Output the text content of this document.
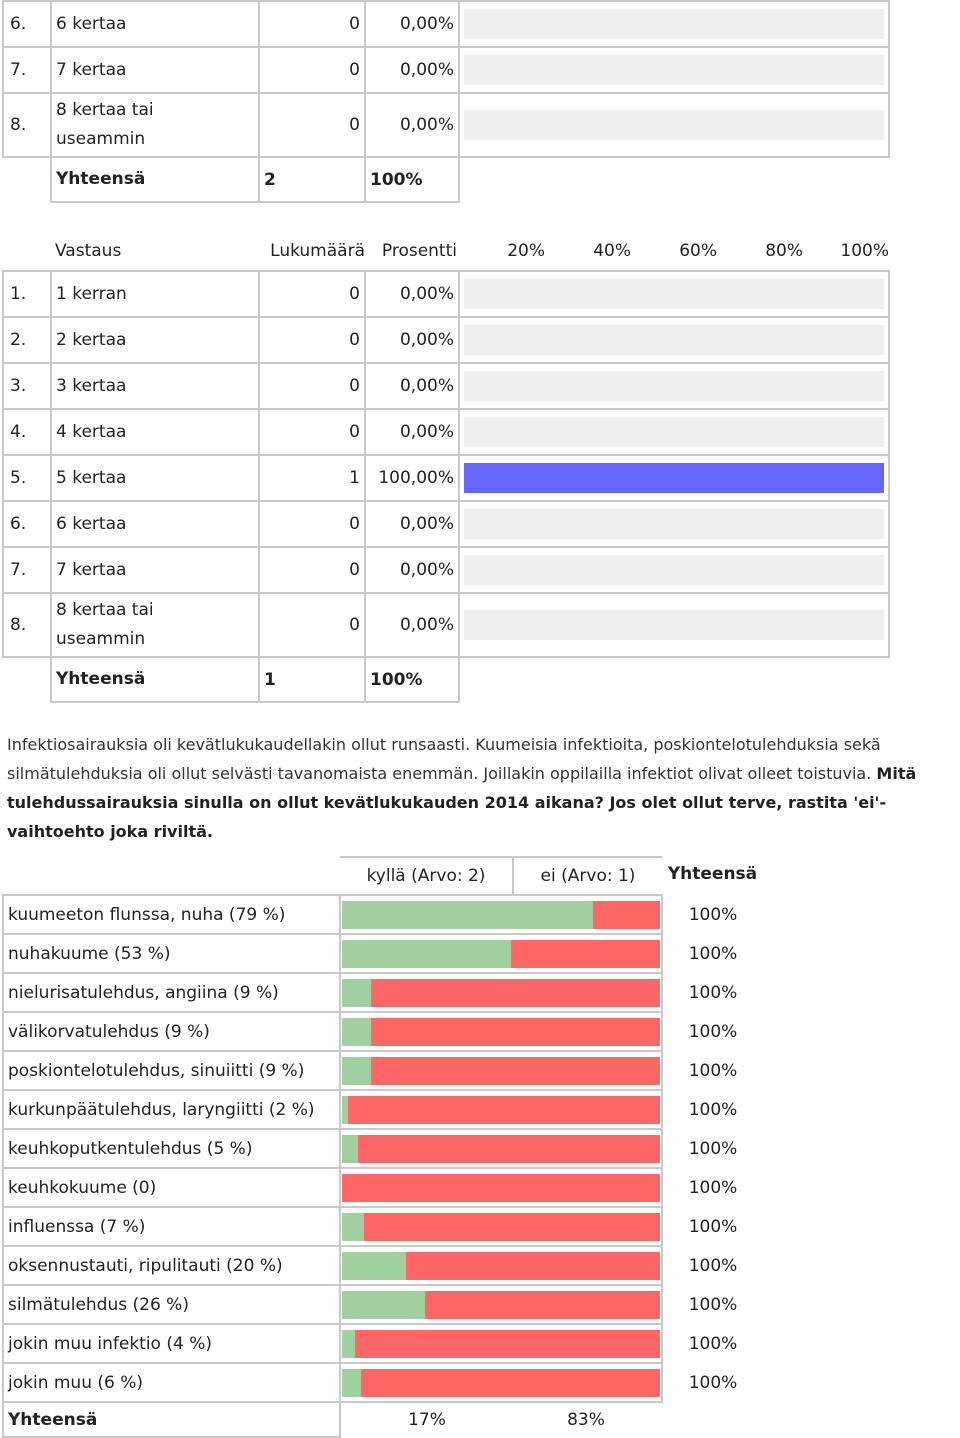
6.	6 kertaa	0	0,00%	

7.	7 kertaa	0	0,00%	

8.	8 kertaa tai useammin	0	0,00%	

	Yhteensä	2	100%	
	Vastaus	Lukumäärä	Prosentti	20% 40% 60% 80% 100%

1.	1 kerran	0	0,00%	

2.	2 kertaa	0	0,00%	

3.	3 kertaa	0	0,00%	

4.	4 kertaa	0	0,00%	

5.	5 kertaa	1	100,00%	

6.	6 kertaa	0	0,00%	

7.	7 kertaa	0	0,00%	

8.	8 kertaa tai useammin	0	0,00%	

	Yhteensä	1	100%	
Infektiosairauksia oli kevätlukukaudellakin ollut runsaasti. Kuumeisia infektioita, poskiontelotulehduksia sekä silmätulehduksia oli ollut selvästi tavanomaista enemmän. Joillakin oppilailla infektiot olivat olleet toistuvia. Mitä tulehdussairauksia sinulla on ollut kevätlukukauden 2014 aikana? Jos olet ollut terve, rastita 'ei'-vaihtoehto joka riviltä.

	kyllä (Arvo: 2) ei (Arvo: 1)	Yhteensä
kuumeeton flunssa, nuha (79 %)		100%
nuhakuume (53 %)		100%
nielurisatulehdus, angiina (9 %)		100%
välikorvatulehdus (9 %)		100%
poskiontelotulehdus, sinuiitti (9 %)		100%
kurkunpäätulehdus, laryngiitti (2 %)		100%
keuhkoputkentulehdus (5 %)		100%
keuhkokuume (0)		100%
influenssa (7 %)		100%
oksennustauti, ripulitauti (20 %)		100%
silmätulehdus (26 %)		100%
jokin muu infektio (4 %)		100%
jokin muu (6 %)		100%
Yhteensä	17% 83%	
